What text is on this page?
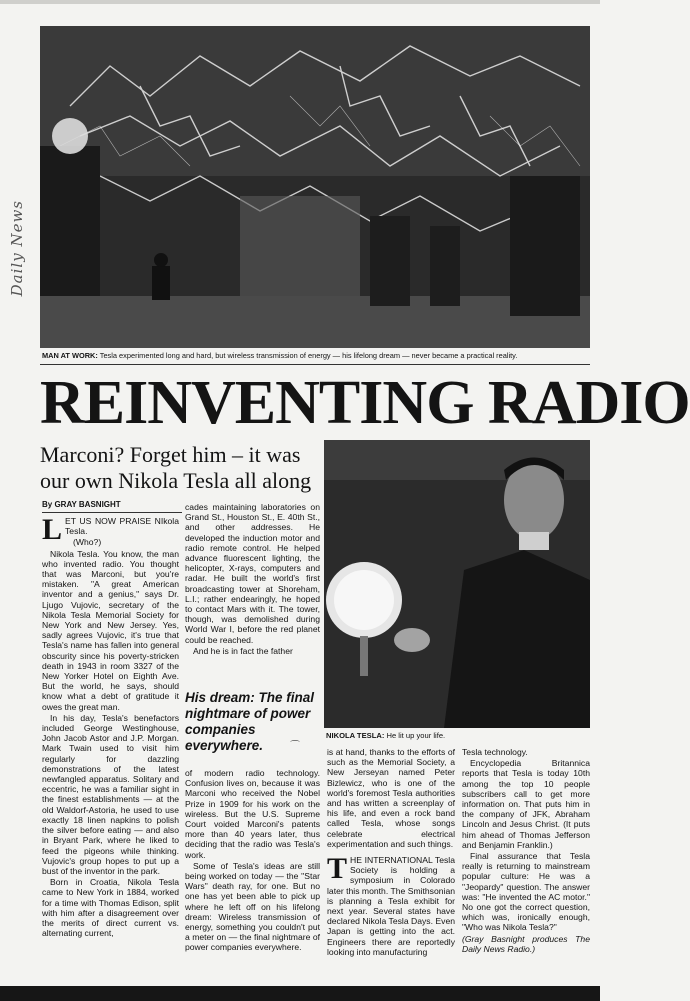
Daily News
MAN AT WORK: Tesla experimented long and hard, but wireless transmission of energy — his lifelong dream — never became a practical reality.
REINVENTING RADIO
Marconi? Forget him – it was our own Nikola Tesla all along
By GRAY BASNIGHT

LET US NOW PRAISE NIkola Tesla.

(Who?)

Nikola Tesla. You know, the man who invented radio. You thought that was Marconi, but you're mistaken. "A great American inventor and a genius," says Dr. Ljugo Vujovic, secretary of the Nikola Tesla Memorial Society for New York and New Jersey. Yes, sadly agrees Vujovic, it's true that Tesla's name has fallen into general obscurity since his poverty-stricken death in 1943 in room 3327 of the New Yorker Hotel on Eighth Ave. But the world, he says, should know what a debt of gratitude it owes the great man.

In his day, Tesla's benefactors included George Westinghouse, John Jacob Astor and J.P. Morgan. Mark Twain used to visit him regularly for dazzling demonstrations of the latest newfangled apparatus. Solitary and eccentric, he was a familiar sight in the finest establishments — at the old Waldorf-Astoria, he used to use exactly 18 linen napkins to polish the silver before eating — and also in Bryant Park, where he liked to feed the pigeons while thinking. Vujovic's group hopes to put up a bust of the inventor in the park.

Born in Croatia, Nikola Tesla came to New York in 1884, worked for a time with Thomas Edison, split with him after a disagreement over the merits of direct current vs. alternating current,

cades maintaining laboratories on Grand St., Houston St., E. 40th St., and other addresses. He developed the induction motor and radio remote control. He helped advance fluorescent lighting, the helicopter, X-rays, computers and radar. He built the world's first broadcasting tower at Shoreham, L.I.; rather endearingly, he hoped to contact Mars with it. The tower, though, was demolished during World War I, before the red planet could be reached.

And he is in fact the father

His dream: The final nightmare of power companies everywhere.

of modern radio technology. Confusion lives on, because it was Marconi who received the Nobel Prize in 1909 for his work on the wireless. But the U.S. Supreme Court voided Marconi's patents more than 40 years later, thus deciding that the radio was Tesla's work.

Some of Tesla's ideas are still being worked on today — the "Star Wars" death ray, for one. But no one has yet been able to pick up where he left off on his lifelong dream: Wireless transmission of energy, something you couldn't put a meter on — the final nightmare of power companies everywhere.

NIKOLA TESLA: He lit up your life.
⌒	is at hand, thanks to the efforts of such as the Memorial Society, a New Jerseyan named Peter Bizlewicz, who is one of the world's foremost Tesla authorities and has written a screenplay of his life, and even a rock band called Tesla, whose songs celebrate electrical experimentation and such things.

THE INTERNATIONAL Tesla Society is holding a symposium in Colorado later this month. The Smithsonian is planning a Tesla exhibit for next year. Several states have declared Nikola Tesla Days. Even Japan is getting into the act. Engineers there are reportedly looking into manufacturing

Tesla technology.

Encyclopedia Britannica reports that Tesla is today 10th among the top 10 people subscribers call to get more information on. That puts him in the company of JFK, Abraham Lincoln and Jesus Christ. (It puts him ahead of Thomas Jefferson and Benjamin Franklin.)

Final assurance that Tesla really is returning to mainstream popular culture: He was a "Jeopardy" question. The answer was: "He invented the AC motor." No one got the correct question, which was, ironically enough, "Who was Nikola Tesla?"

(Gray Basnight produces The Daily News Radio.)
